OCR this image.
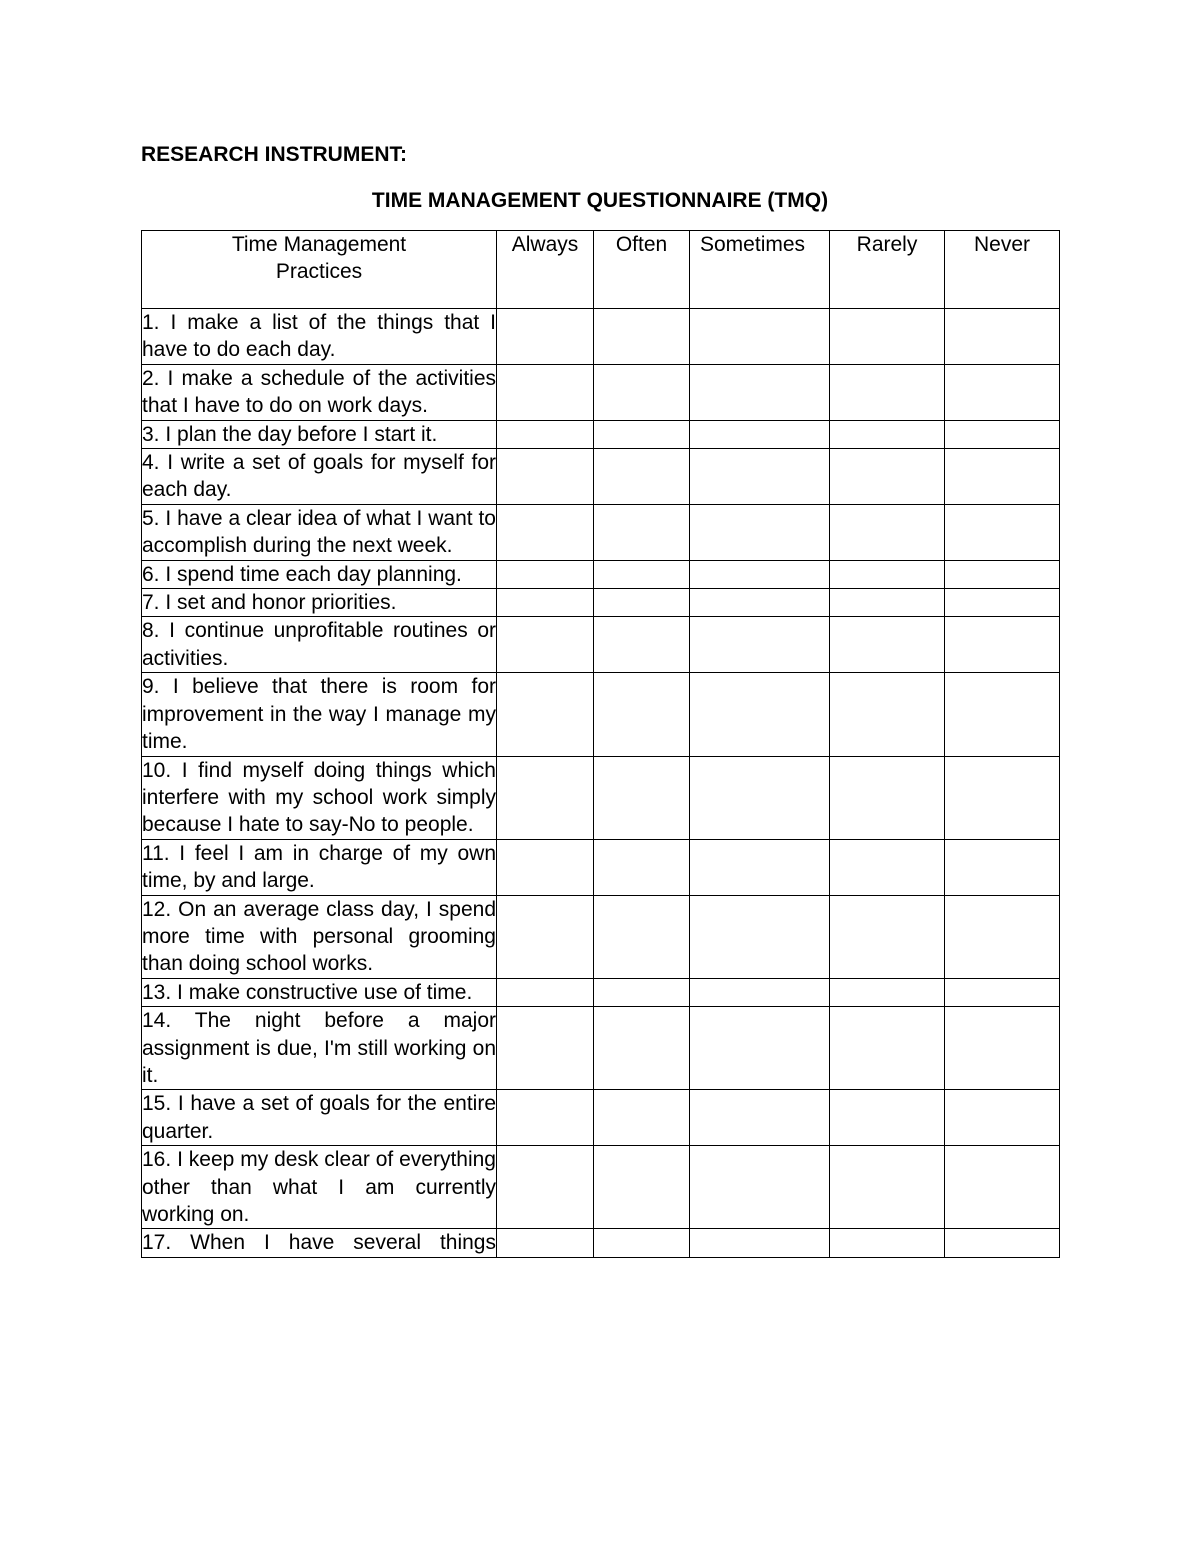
RESEARCH INSTRUMENT:
TIME MANAGEMENT QUESTIONNAIRE (TMQ)
Time Management Practices	Always	Often	Sometimes	Rarely	Never
1. I make a list of the things that I have to do each day.					
2. I make a schedule of the activities that I have to do on work days.					
3. I plan the day before I start it.					
4. I write a set of goals for myself for each day.					
5. I have a clear idea of what I want to accomplish during the next week.					
6. I spend time each day planning.					
7. I set and honor priorities.					
8. I continue unprofitable routines or activities.					
9. I believe that there is room for improvement in the way I manage my time.					
10. I find myself doing things which interfere with my school work simply because I hate to say-No to people.					
11. I feel I am in charge of my own time, by and large.					
12. On an average class day, I spend more time with personal grooming than doing school works.					
13. I make constructive use of time.					
14. The night before a major assignment is due, I'm still working on it.					
15. I have a set of goals for the entire quarter.					
16. I keep my desk clear of everything other than what I am currently working on.					
17. When I have several things					
